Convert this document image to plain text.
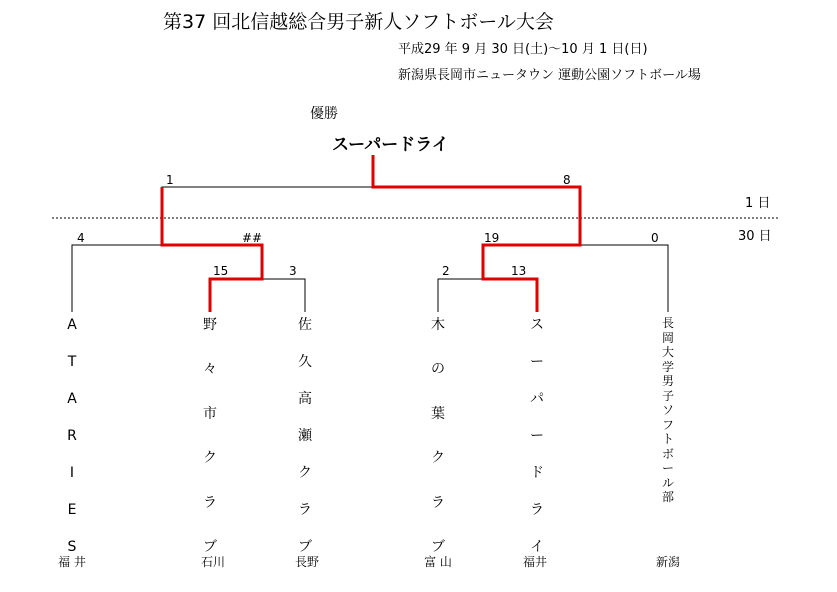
第37 回北信越総合男子新人ソフトボール大会
平成29 年 9 月 30 日(土)〜10 月 1 日(日)
新潟県長岡市ニュータウン 運動公園ソフトボール場
優勝
スーパードライ
1	8
4	##	19	0
15	3	2	13
1 日
30 日
A
T
A
R
I
E
S
野
々
市
ク
ラ
ブ
佐
久
高
瀬
ク
ラ
ブ
木
の
葉
ク
ラ
ブ
ス
ー
パ
ー
ド
ラ
イ
長
岡
大
学
男
子
ソ
フ
ト
ボ
ー
ル
部
福 井	石川	長野	富 山	福井	新潟
